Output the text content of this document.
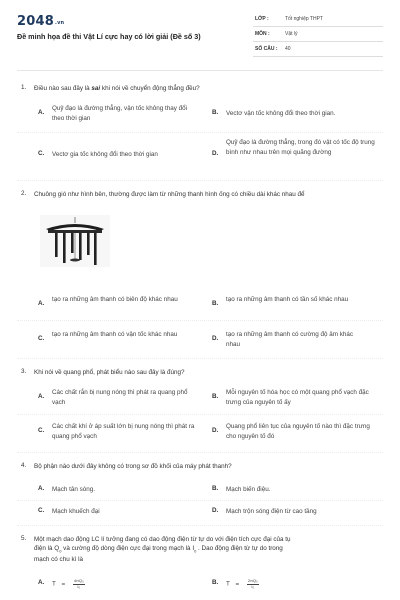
2048.vn
Đề minh họa đề thi Vật Lí cực hay có lời giải (Đề số 3)
LỚP :	Tốt nghiệp THPT
MÔN :	Vật lý
SỐ CÂU : 40
1. Điều nào sau đây là sai khi nói về chuyển động thẳng đều?
A.
Quỹ đạo là đường thẳng, vận tốc không thay đổi theo thời gian
B. Vectơ vận tốc không đổi theo thời gian.
C. Vectơ gia tốc không đổi theo thời gian	D.
Quỹ đạo là đường thẳng, trong đó vật có tốc độ trung bình như nhau trên mọi quãng đường
2. Chuông gió như hình bên, thường được làm từ những thanh hình ống có chiều dài khác nhau để
A.
tạo ra những âm thanh có biên độ khác nhau
B.
tạo ra những âm thanh có tần số khác nhau
C.
tạo ra những âm thanh có vận tốc khác nhau
D.
tạo ra những âm thanh có cường độ âm khác nhau
3. Khi nói về quang phổ, phát biểu nào sau đây là đúng?
A.
Các chất rắn bị nung nóng thì phát ra quang phổ vạch
B.
Mỗi nguyên tố hóa học có một quang phổ vạch đặc trưng của nguyên tố ấy
C.
Các chất khí ở áp suất lớn bị nung nóng thì phát ra quang phổ vạch
D.
Quang phổ liên tục của nguyên tố nào thì đặc trưng cho nguyên tố đó
4. Bộ phận nào dưới đây không có trong sơ đồ khối của máy phát thanh?
A. Mạch tân sóng.	B. Mạch biến điệu.
C. Mạch khuếch đại	D. Mạch trộn sóng điện từ cao tầng
5. Một mạch dao động LC lí tưởng đang có dao động điện từ tự do với điện tích cực đại của tụ
điện là $Q_0$ và cường độ dòng điện cực đại trong mạch là $I_0$ . Dao động điện từ tự do trong
mạch có chu kì là
A. $T = \frac{\text{4πQ₀}}{\text{I₀}}$	B. $T = \frac{\text{2πQ₀}}{\text{I₀}}$
